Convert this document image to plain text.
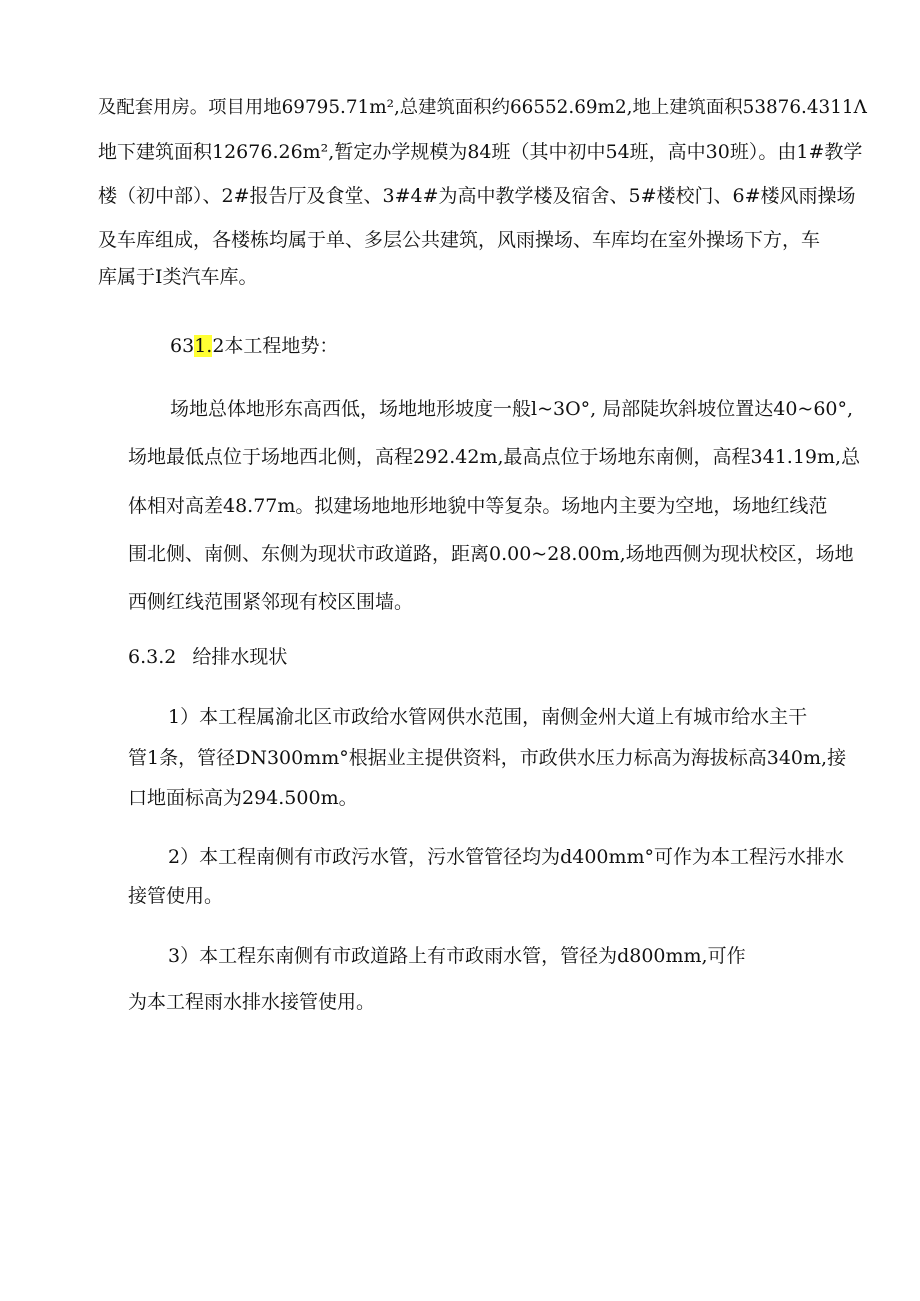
及配套用房。项目用地69795.71m²,总建筑面积约66552.69m2,地上建筑面积53876.4311Λ
地下建筑面积12676.26m²,暂定办学规模为84班（其中初中54班，高中30班）。由1#教学
楼（初中部）、2#报告厅及食堂、3#4#为高中教学楼及宿舍、5#楼校门、6#楼风雨操场
及车库组成，各楼栋均属于单、多层公共建筑，风雨操场、车库均在室外操场下方，车
库属于I类汽车库。
631.2本工程地势：
场地总体地形东高西低，场地地形坡度一般l~3O°, 局部陡坎斜坡位置达40~60°,
场地最低点位于场地西北侧，高程292.42m,最高点位于场地东南侧，高程341.19m,总
体相对高差48.77m。拟建场地地形地貌中等复杂。场地内主要为空地，场地红线范
围北侧、南侧、东侧为现状市政道路，距离0.00~28.00m,场地西侧为现状校区，场地
西侧红线范围紧邻现有校区围墙。
6.3.2 给排水现状
1）本工程属渝北区市政给水管网供水范围，南侧金州大道上有城市给水主干
管1条，管径DN300mm°根据业主提供资料，市政供水压力标高为海拔标高340m,接
口地面标高为294.500m。
2）本工程南侧有市政污水管，污水管管径均为d400mm°可作为本工程污水排水
接管使用。
3）本工程东南侧有市政道路上有市政雨水管，管径为d800mm,可作
为本工程雨水排水接管使用。
